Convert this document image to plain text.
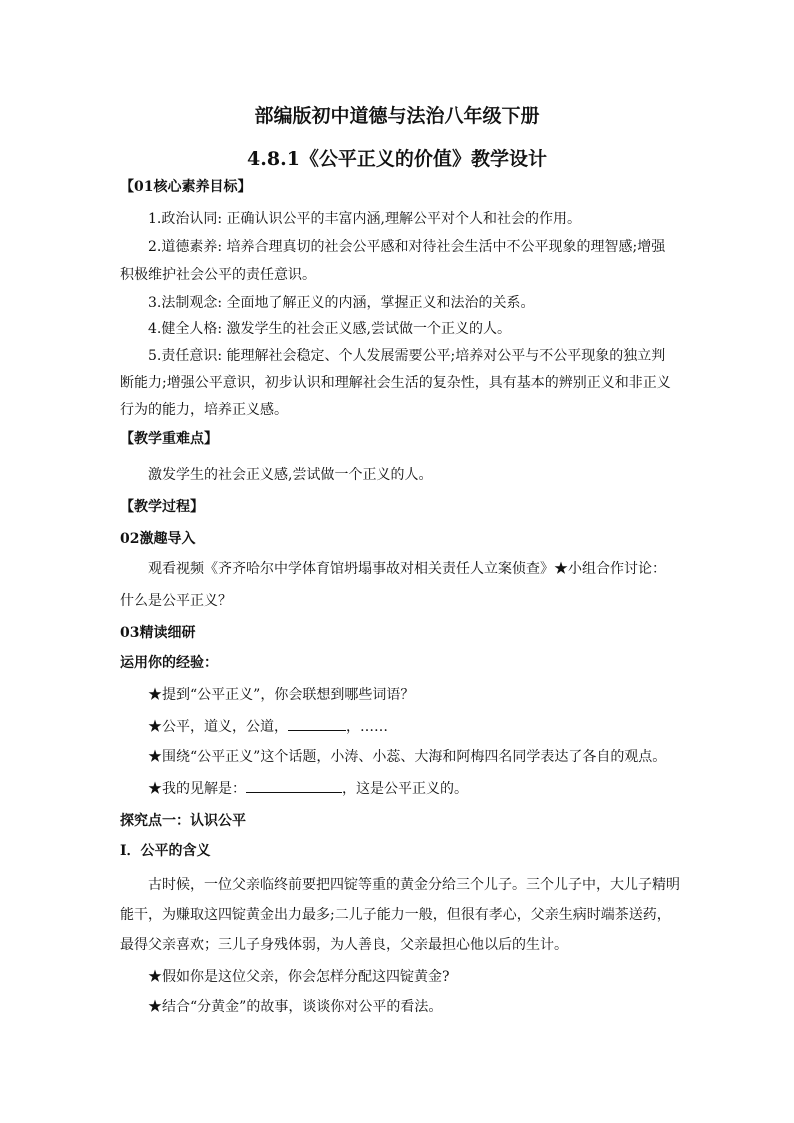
部编版初中道德与法治八年级下册
4.8.1《公平正义的价值》教学设计
【01核心素养目标】
1.政治认同: 正确认识公平的丰富内涵,理解公平对个人和社会的作用。
2.道德素养: 培养合理真切的社会公平感和对待社会生活中不公平现象的理智感;增强
积极维护社会公平的责任意识。
3.法制观念: 全面地了解正义的内涵，掌握正义和法治的关系。
4.健全人格: 激发学生的社会正义感,尝试做一个正义的人。
5.责任意识: 能理解社会稳定、个人发展需要公平;培养对公平与不公平现象的独立判
断能力;增强公平意识，初步认识和理解社会生活的复杂性，具有基本的辨别正义和非正义
行为的能力，培养正义感。
【教学重难点】
激发学生的社会正义感,尝试做一个正义的人。
【教学过程】
02激趣导入
观看视频《齐齐哈尔中学体育馆坍塌事故对相关责任人立案侦查》★小组合作讨论：
什么是公平正义？
03精读细研
运用你的经验：
★提到“公平正义”，你会联想到哪些词语？
★公平，道义，公道，	，……
★围绕“公平正义”这个话题，小涛、小蕊、大海和阿梅四名同学表达了各自的观点。
★我的见解是：	，这是公平正义的。
探究点一：认识公平
Ⅰ．公平的含义
古时候，一位父亲临终前要把四锭等重的黄金分给三个儿子。三个儿子中，大儿子精明
能干，为赚取这四锭黄金出力最多;二儿子能力一般，但很有孝心，父亲生病时端茶送药，
最得父亲喜欢；三儿子身残体弱，为人善良，父亲最担心他以后的生计。
★假如你是这位父亲，你会怎样分配这四锭黄金?
★结合“分黄金”的故事，谈谈你对公平的看法。
